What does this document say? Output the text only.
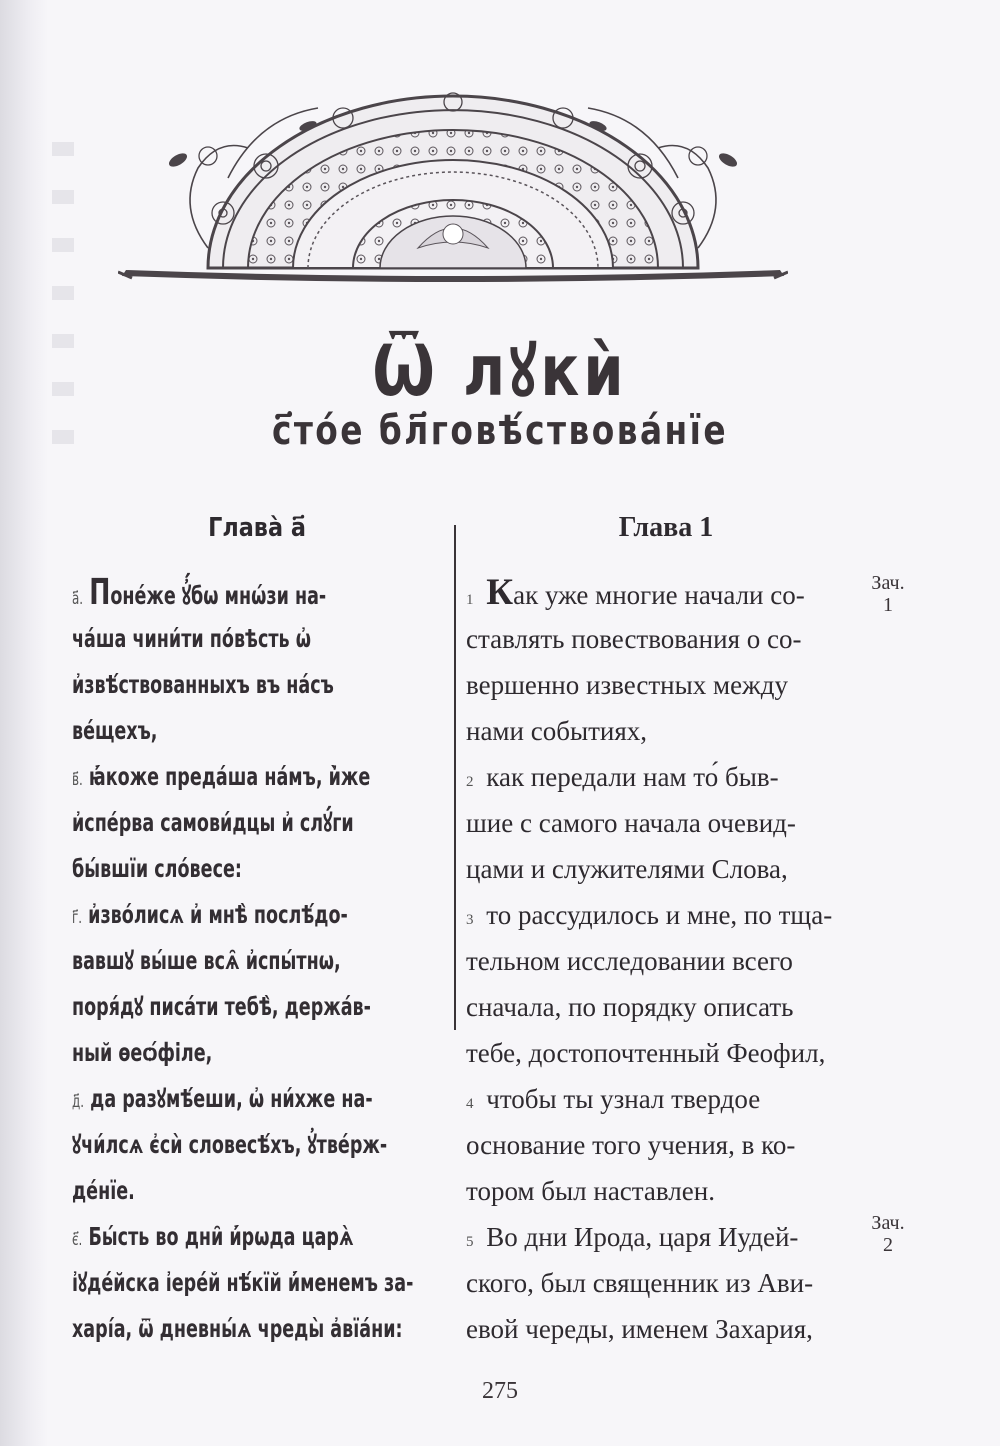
Ѿ лꙋкѝ
с҃то́е бл҃говѣ́ствова́нїе
Глава̀ а҃
а҃. Поне́же ꙋ҆́бѡ мнѡ́зи на-
ча́ша чини́ти по́вѣсть ѡ҆
и҆звѣ́ствованныхъ въ на́съ
ве́щехъ,
в҃. ꙗ҆́коже преда́ша на́мъ, и҆̀же
и҆спе́рва самови́дцы и҆ слꙋ́ги
бы́вшїи сло́весе:
г҃. и҆зво́лисѧ и҆ мнѣ̀ послѣ́до-
вавшꙋ вы́ше всѧ̑ и҆спы́тнѡ,
поря́дꙋ писа́ти тебѣ̀, держа́в-
ный ѳеѻ́філе,
д҃. да разꙋмѣ́еши, ѡ҆ ни́хже на-
ꙋчи́лсѧ є҆сѝ словесѣ́хъ, ꙋ҆твéрж-
де́нїе.
є҃. Бы́сть во дни̑ и҆́рѡда царѧ̀
і҆ꙋде́йска і҆ере́й нѣ́кїй и҆́менемъ за-
харі́а, ѿ дневны́ѧ чреды̀ а҆вїа́ни:
Глава 1
1 Как уже многие начали со-
ставлять повествования о со-
вершенно известных между
нами событиях,
2 как передали нам то́ быв-
шие с самого начала очевид-
цами и служителями Слова,
3 то рассудилось и мне, по тща-
тельном исследовании всего
сначала, по порядку описать
тебе, достопочтенный Феофил,
4 чтобы ты узнал твердое
основание того учения, в ко-
тором был наставлен.
5 Во дни Ирода, царя Иудей-
ского, был священник из Ави-
евой череды, именем Захария,
Зач.
1
Зач.
2
275
